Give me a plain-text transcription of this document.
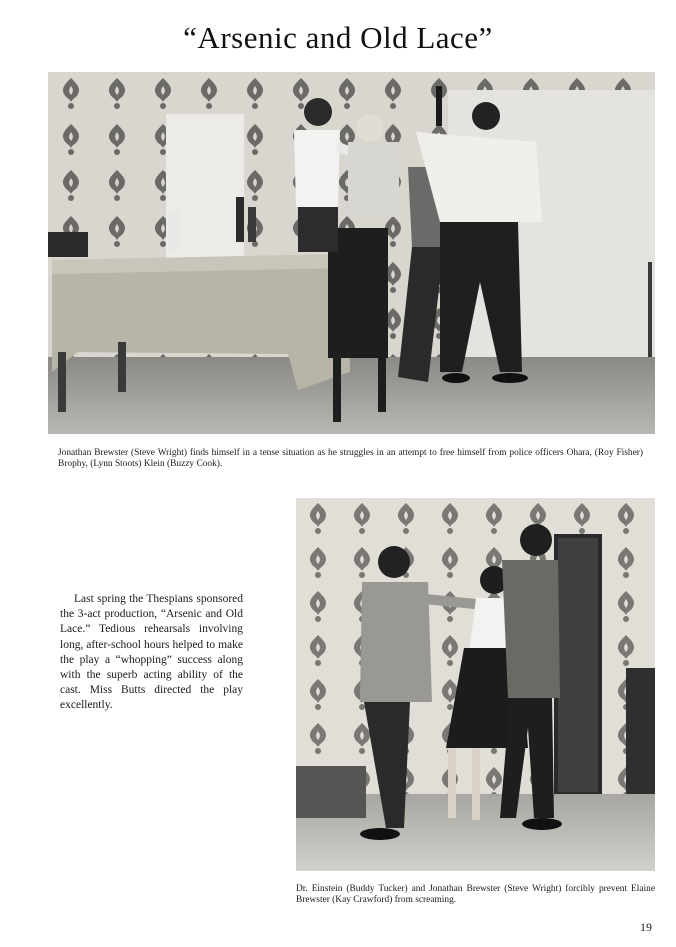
“Arsenic and Old Lace”
Jonathan Brewster (Steve Wright) finds himself in a tense situation as he struggles in an attempt to free himself from police officers Ohara, (Roy Fisher) Brophy, (Lynn Stoots) Klein (Buzzy Cook).
Last spring the Thespians sponsored the 3-act production, “Arsenic and Old Lace.” Tedious rehearsals involving long, after-school hours helped to make the play a “whopping” success along with the superb acting ability of the cast. Miss Butts directed the play excellently.
Dr. Einstein (Buddy Tucker) and Jonathan Brewster (Steve Wright) forcibly prevent Elaine Brewster (Kay Crawford) from screaming.
19
